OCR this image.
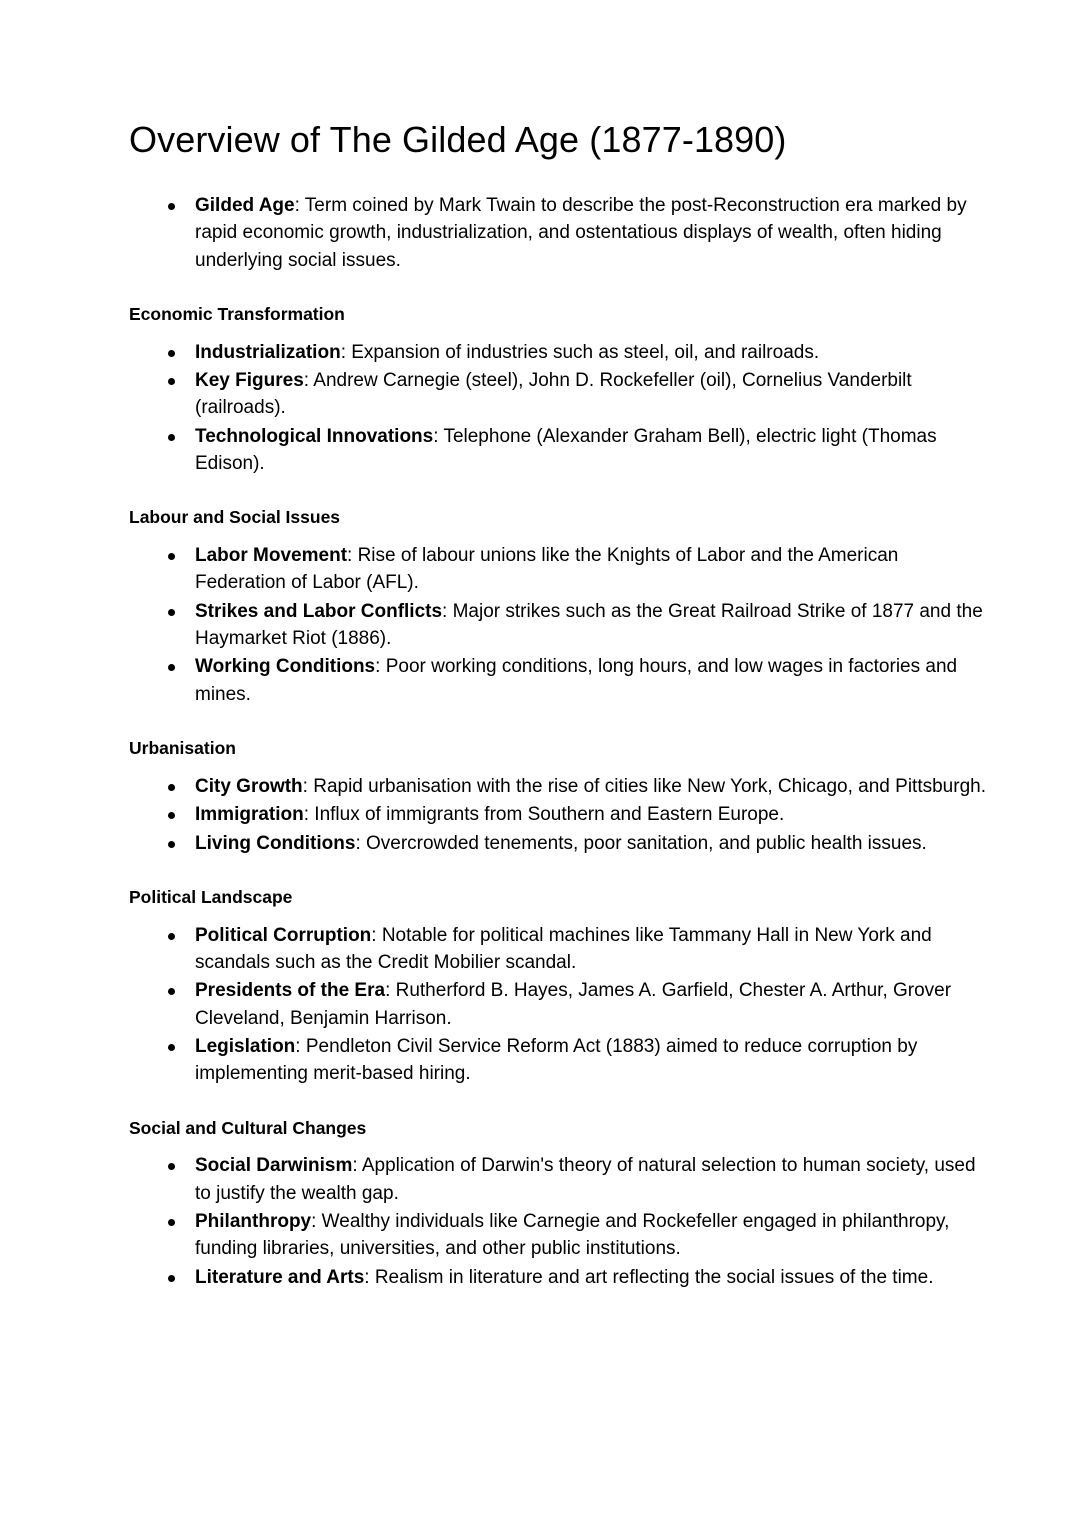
Overview of The Gilded Age (1877-1890)
Gilded Age: Term coined by Mark Twain to describe the post-Reconstruction era marked by rapid economic growth, industrialization, and ostentatious displays of wealth, often hiding underlying social issues.
Economic Transformation
Industrialization: Expansion of industries such as steel, oil, and railroads.
Key Figures: Andrew Carnegie (steel), John D. Rockefeller (oil), Cornelius Vanderbilt (railroads).
Technological Innovations: Telephone (Alexander Graham Bell), electric light (Thomas Edison).
Labour and Social Issues
Labor Movement: Rise of labour unions like the Knights of Labor and the American Federation of Labor (AFL).
Strikes and Labor Conflicts: Major strikes such as the Great Railroad Strike of 1877 and the Haymarket Riot (1886).
Working Conditions: Poor working conditions, long hours, and low wages in factories and mines.
Urbanisation
City Growth: Rapid urbanisation with the rise of cities like New York, Chicago, and Pittsburgh.
Immigration: Influx of immigrants from Southern and Eastern Europe.
Living Conditions: Overcrowded tenements, poor sanitation, and public health issues.
Political Landscape
Political Corruption: Notable for political machines like Tammany Hall in New York and scandals such as the Credit Mobilier scandal.
Presidents of the Era: Rutherford B. Hayes, James A. Garfield, Chester A. Arthur, Grover Cleveland, Benjamin Harrison.
Legislation: Pendleton Civil Service Reform Act (1883) aimed to reduce corruption by implementing merit-based hiring.
Social and Cultural Changes
Social Darwinism: Application of Darwin's theory of natural selection to human society, used to justify the wealth gap.
Philanthropy: Wealthy individuals like Carnegie and Rockefeller engaged in philanthropy, funding libraries, universities, and other public institutions.
Literature and Arts: Realism in literature and art reflecting the social issues of the time.
